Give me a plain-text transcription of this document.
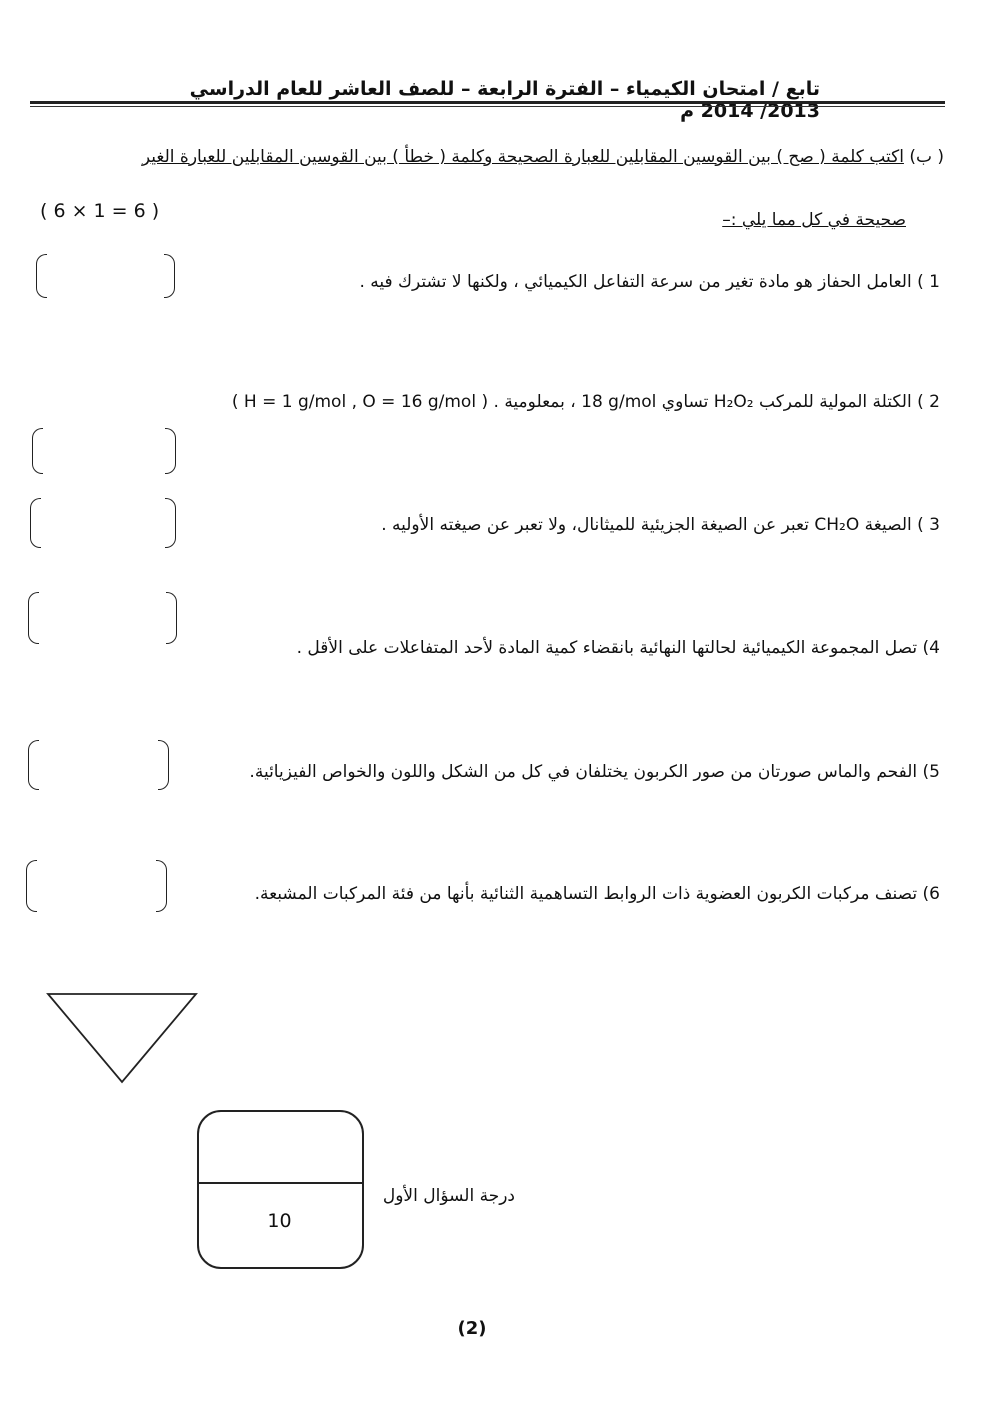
تابع / امتحان الكيمياء – الفترة الرابعة – للصف العاشر للعام الدراسي 2013/ 2014 م
( ب) اكتب كلمة ( صح ) بين القوسين المقابلين للعبارة الصحيحة وكلمة ( خطأ ) بين القوسين المقابلين للعبارة الغير
( 6 × 1 = 6 )	صحيحة في كل مما يلي :–
1 ) العامل الحفاز هو مادة تغير من سرعة التفاعل الكيميائي ، ولكنها لا تشترك فيه .
2 ) الكتلة المولية للمركب H₂O₂ تساوي 18 g/mol ، بمعلومية ( H = 1 g/mol , O = 16 g/mol ) .
3 ) الصيغة CH₂O تعبر عن الصيغة الجزيئية للميثانال، ولا تعبر عن صيغته الأوليه .
4) تصل المجموعة الكيميائية لحالتها النهائية بانقضاء كمية المادة لأحد المتفاعلات على الأقل .
5) الفحم والماس صورتان من صور الكربون يختلفان في كل من الشكل واللون والخواص الفيزيائية.
6) تصنف مركبات الكربون العضوية ذات الروابط التساهمية الثنائية بأنها من فئة المركبات المشبعة.
10
درجة السؤال الأول
(2)
